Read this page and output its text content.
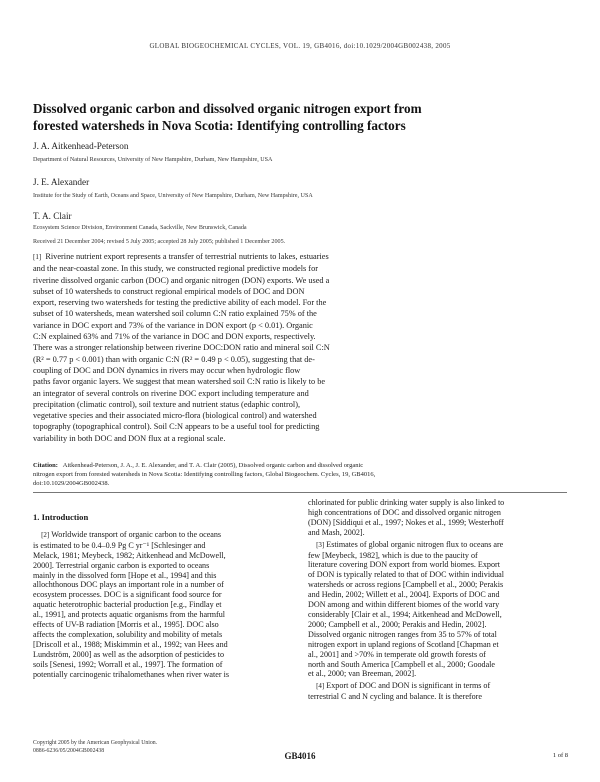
GLOBAL BIOGEOCHEMICAL CYCLES, VOL. 19, GB4016, doi:10.1029/2004GB002438, 2005
Dissolved organic carbon and dissolved organic nitrogen export from
forested watersheds in Nova Scotia: Identifying controlling factors
J. A. Aitkenhead-Peterson
Department of Natural Resources, University of New Hampshire, Durham, New Hampshire, USA
J. E. Alexander
Institute for the Study of Earth, Oceans and Space, University of New Hampshire, Durham, New Hampshire, USA
T. A. Clair
Ecosystem Science Division, Environment Canada, Sackville, New Brunswick, Canada
Received 21 December 2004; revised 5 July 2005; accepted 28 July 2005; published 1 December 2005.
[1] Riverine nutrient export represents a transfer of terrestrial nutrients to lakes, estuaries
and the near-coastal zone. In this study, we constructed regional predictive models for
riverine dissolved organic carbon (DOC) and organic nitrogen (DON) exports. We used a
subset of 10 watersheds to construct regional empirical models of DOC and DON
export, reserving two watersheds for testing the predictive ability of each model. For the
subset of 10 watersheds, mean watershed soil column C:N ratio explained 75% of the
variance in DOC export and 73% of the variance in DON export (p < 0.01). Organic
C:N explained 63% and 71% of the variance in DOC and DON exports, respectively.
There was a stronger relationship between riverine DOC:DON ratio and mineral soil C:N
(R² = 0.77 p < 0.001) than with organic C:N (R² = 0.49 p < 0.05), suggesting that de-
coupling of DOC and DON dynamics in rivers may occur when hydrologic flow
paths favor organic layers. We suggest that mean watershed soil C:N ratio is likely to be
an integrator of several controls on riverine DOC export including temperature and
precipitation (climatic control), soil texture and nutrient status (edaphic control),
vegetative species and their associated micro-flora (biological control) and watershed
topography (topographical control). Soil C:N appears to be a useful tool for predicting
variability in both DOC and DON flux at a regional scale.
Citation: Aitkenhead-Peterson, J. A., J. E. Alexander, and T. A. Clair (2005), Dissolved organic carbon and dissolved organic
nitrogen export from forested watersheds in Nova Scotia: Identifying controlling factors, Global Biogeochem. Cycles, 19, GB4016,
doi:10.1029/2004GB002438.
1. Introduction
[2] Worldwide transport of organic carbon to the oceans
is estimated to be 0.4–0.9 Pg C yr⁻¹ [Schlesinger and
Melack, 1981; Meybeck, 1982; Aitkenhead and McDowell,
2000]. Terrestrial organic carbon is exported to oceans
mainly in the dissolved form [Hope et al., 1994] and this
allochthonous DOC plays an important role in a number of
ecosystem processes. DOC is a significant food source for
aquatic heterotrophic bacterial production [e.g., Findlay et
al., 1991], and protects aquatic organisms from the harmful
effects of UV-B radiation [Morris et al., 1995]. DOC also
affects the complexation, solubility and mobility of metals
[Driscoll et al., 1988; Miskimmin et al., 1992; van Hees and
Lundström, 2000] as well as the adsorption of pesticides to
soils [Senesi, 1992; Worrall et al., 1997]. The formation of
potentially carcinogenic trihalomethanes when river water is
chlorinated for public drinking water supply is also linked to
high concentrations of DOC and dissolved organic nitrogen
(DON) [Siddiqui et al., 1997; Nokes et al., 1999; Westerhoff
and Mash, 2002].
[3] Estimates of global organic nitrogen flux to oceans are
few [Meybeck, 1982], which is due to the paucity of
literature covering DON export from world biomes. Export
of DON is typically related to that of DOC within individual
watersheds or across regions [Campbell et al., 2000; Perakis
and Hedin, 2002; Willett et al., 2004]. Exports of DOC and
DON among and within different biomes of the world vary
considerably [Clair et al., 1994; Aitkenhead and McDowell,
2000; Campbell et al., 2000; Perakis and Hedin, 2002].
Dissolved organic nitrogen ranges from 35 to 57% of total
nitrogen export in upland regions of Scotland [Chapman et
al., 2001] and >70% in temperate old growth forests of
north and South America [Campbell et al., 2000; Goodale
et al., 2000; van Breeman, 2002].
[4] Export of DOC and DON is significant in terms of
terrestrial C and N cycling and balance. It is therefore
Copyright 2005 by the American Geophysical Union.
0886-6236/05/2004GB002438
GB4016	1 of 8
